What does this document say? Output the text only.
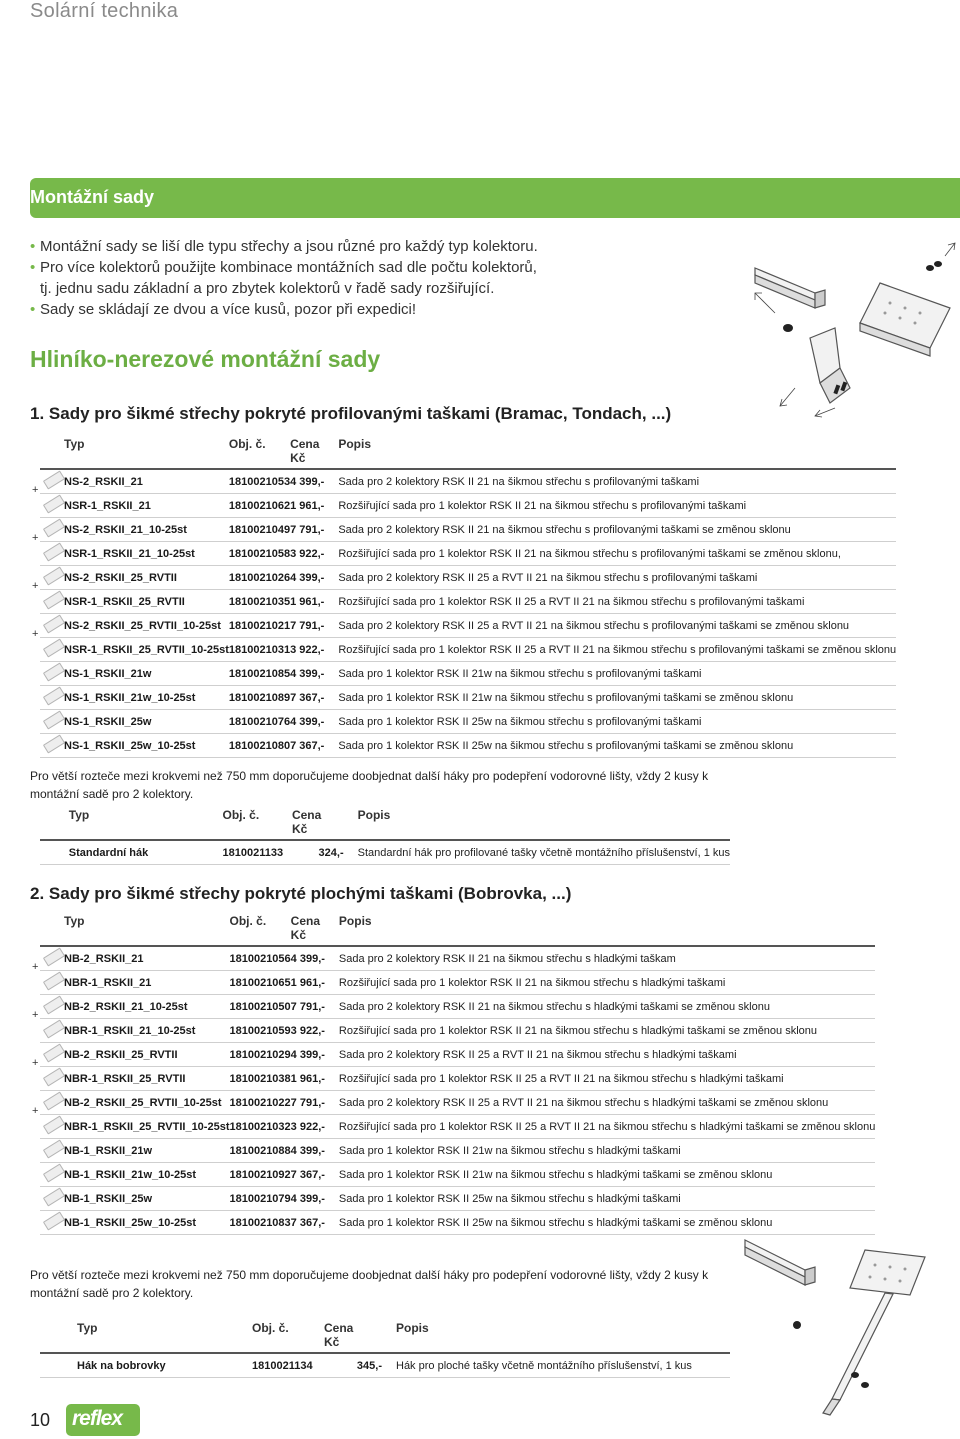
Solární technika
Montážní sady
• Montážní sady se liší dle typu střechy a jsou různé pro každý typ kolektoru.
• Pro více kolektorů použijte kombinace montážních sad dle počtu kolektorů,
tj. jednu sadu základní a pro zbytek kolektorů v řadě sady rozšiřující.
• Sady se skládají ze dvou a více kusů, pozor při expedici!
Hliníko-nerezové montážní sady
1. Sady pro šikmé střechy pokryté profilovanými taškami (Bramac, Tondach, ...)
	Typ	Obj. č.	Cena
Kč	Popis

	NS-2_RSKII_21	1810021053	4 399,-	Sada pro 2 kolektory RSK II 21 na šikmou střechu s profilovanými taškami

+	NSR-1_RSKII_21	1810021062	1 961,-	Rozšiřující sada pro 1 kolektor RSK II 21 na šikmou střechu s profilovanými taškami

	NS-2_RSKII_21_10-25st	1810021049	7 791,-	Sada pro 2 kolektory RSK II 21 na šikmou střechu s profilovanými taškami se změnou sklonu

+	NSR-1_RSKII_21_10-25st	1810021058	3 922,-	Rozšiřující sada pro 1 kolektor RSK II 21 na šikmou střechu s profilovanými taškami se změnou sklonu,

	NS-2_RSKII_25_RVTII	1810021026	4 399,-	Sada pro 2 kolektory RSK II 25 a RVT II 21 na šikmou střechu s profilovanými taškami

+	NSR-1_RSKII_25_RVTII	1810021035	1 961,-	Rozšiřující sada pro 1 kolektor RSK II 25 a RVT II 21 na šikmou střechu s profilovanými taškami

	NS-2_RSKII_25_RVTII_10-25st	1810021021	7 791,-	Sada pro 2 kolektory RSK II 25 a RVT II 21 na šikmou střechu s profilovanými taškami se změnou sklonu

+	NSR-1_RSKII_25_RVTII_10-25st	1810021031	3 922,-	Rozšiřující sada pro 1 kolektor RSK II 25 a RVT II 21 na šikmou střechu s profilovanými taškami se změnou sklonu

	NS-1_RSKII_21w	1810021085	4 399,-	Sada pro 1 kolektor RSK II 21w na šikmou střechu s profilovanými taškami

	NS-1_RSKII_21w_10-25st	1810021089	7 367,-	Sada pro 1 kolektor RSK II 21w na šikmou střechu s profilovanými taškami se změnou sklonu

	NS-1_RSKII_25w	1810021076	4 399,-	Sada pro 1 kolektor RSK II 25w na šikmou střechu s profilovanými taškami

	NS-1_RSKII_25w_10-25st	1810021080	7 367,-	Sada pro 1 kolektor RSK II 25w na šikmou střechu s profilovanými taškami se změnou sklonu
Pro větší rozteče mezi krokvemi než 750 mm doporučujeme doobjednat další háky pro podepření vodorovné lišty, vždy 2 kusy k montážní sadě pro 2 kolektory.
	Typ	Obj. č.	Cena
Kč	Popis
	Standardní hák	1810021133	324,-	Standardní hák pro profilované tašky včetně montážního příslušenství, 1 kus
2. Sady pro šikmé střechy pokryté plochými taškami (Bobrovka, ...)
	Typ	Obj. č.	Cena
Kč	Popis

	NB-2_RSKII_21	1810021056	4 399,-	Sada pro 2 kolektory RSK II 21 na šikmou střechu s hladkými taškam

+	NBR-1_RSKII_21	1810021065	1 961,-	Rozšiřující sada pro 1 kolektor RSK II 21 na šikmou střechu s hladkými taškami

	NB-2_RSKII_21_10-25st	1810021050	7 791,-	Sada pro 2 kolektory RSK II 21 na šikmou střechu s hladkými taškami se změnou sklonu

+	NBR-1_RSKII_21_10-25st	1810021059	3 922,-	Rozšiřující sada pro 1 kolektor RSK II 21 na šikmou střechu s hladkými taškami se změnou sklonu

	NB-2_RSKII_25_RVTII	1810021029	4 399,-	Sada pro 2 kolektory RSK II 25 a RVT II 21 na šikmou střechu s hladkými taškami

+	NBR-1_RSKII_25_RVTII	1810021038	1 961,-	Rozšiřující sada pro 1 kolektor RSK II 25 a RVT II 21 na šikmou střechu s hladkými taškami

	NB-2_RSKII_25_RVTII_10-25st	1810021022	7 791,-	Sada pro 2 kolektory RSK II 25 a RVT II 21 na šikmou střechu s hladkými taškami se změnou sklonu

+	NBR-1_RSKII_25_RVTII_10-25st	1810021032	3 922,-	Rozšiřující sada pro 1 kolektor RSK II 25 a RVT II 21 na šikmou střechu s hladkými taškami se změnou sklonu

	NB-1_RSKII_21w	1810021088	4 399,-	Sada pro 1 kolektor RSK II 21w na šikmou střechu s hladkými taškami

	NB-1_RSKII_21w_10-25st	1810021092	7 367,-	Sada pro 1 kolektor RSK II 21w na šikmou střechu s hladkými taškami se změnou sklonu

	NB-1_RSKII_25w	1810021079	4 399,-	Sada pro 1 kolektor RSK II 25w na šikmou střechu s hladkými taškami

	NB-1_RSKII_25w_10-25st	1810021083	7 367,-	Sada pro 1 kolektor RSK II 25w na šikmou střechu s hladkými taškami se změnou sklonu
Pro větší rozteče mezi krokvemi než 750 mm doporučujeme doobjednat další háky pro podepření vodorovné lišty, vždy 2 kusy k montážní sadě pro 2 kolektory.
	Typ	Obj. č.	Cena
Kč	Popis
	Hák na bobrovky	1810021134	345,-	Hák pro ploché tašky včetně montážního příslušenství, 1 kus
10 reflex
